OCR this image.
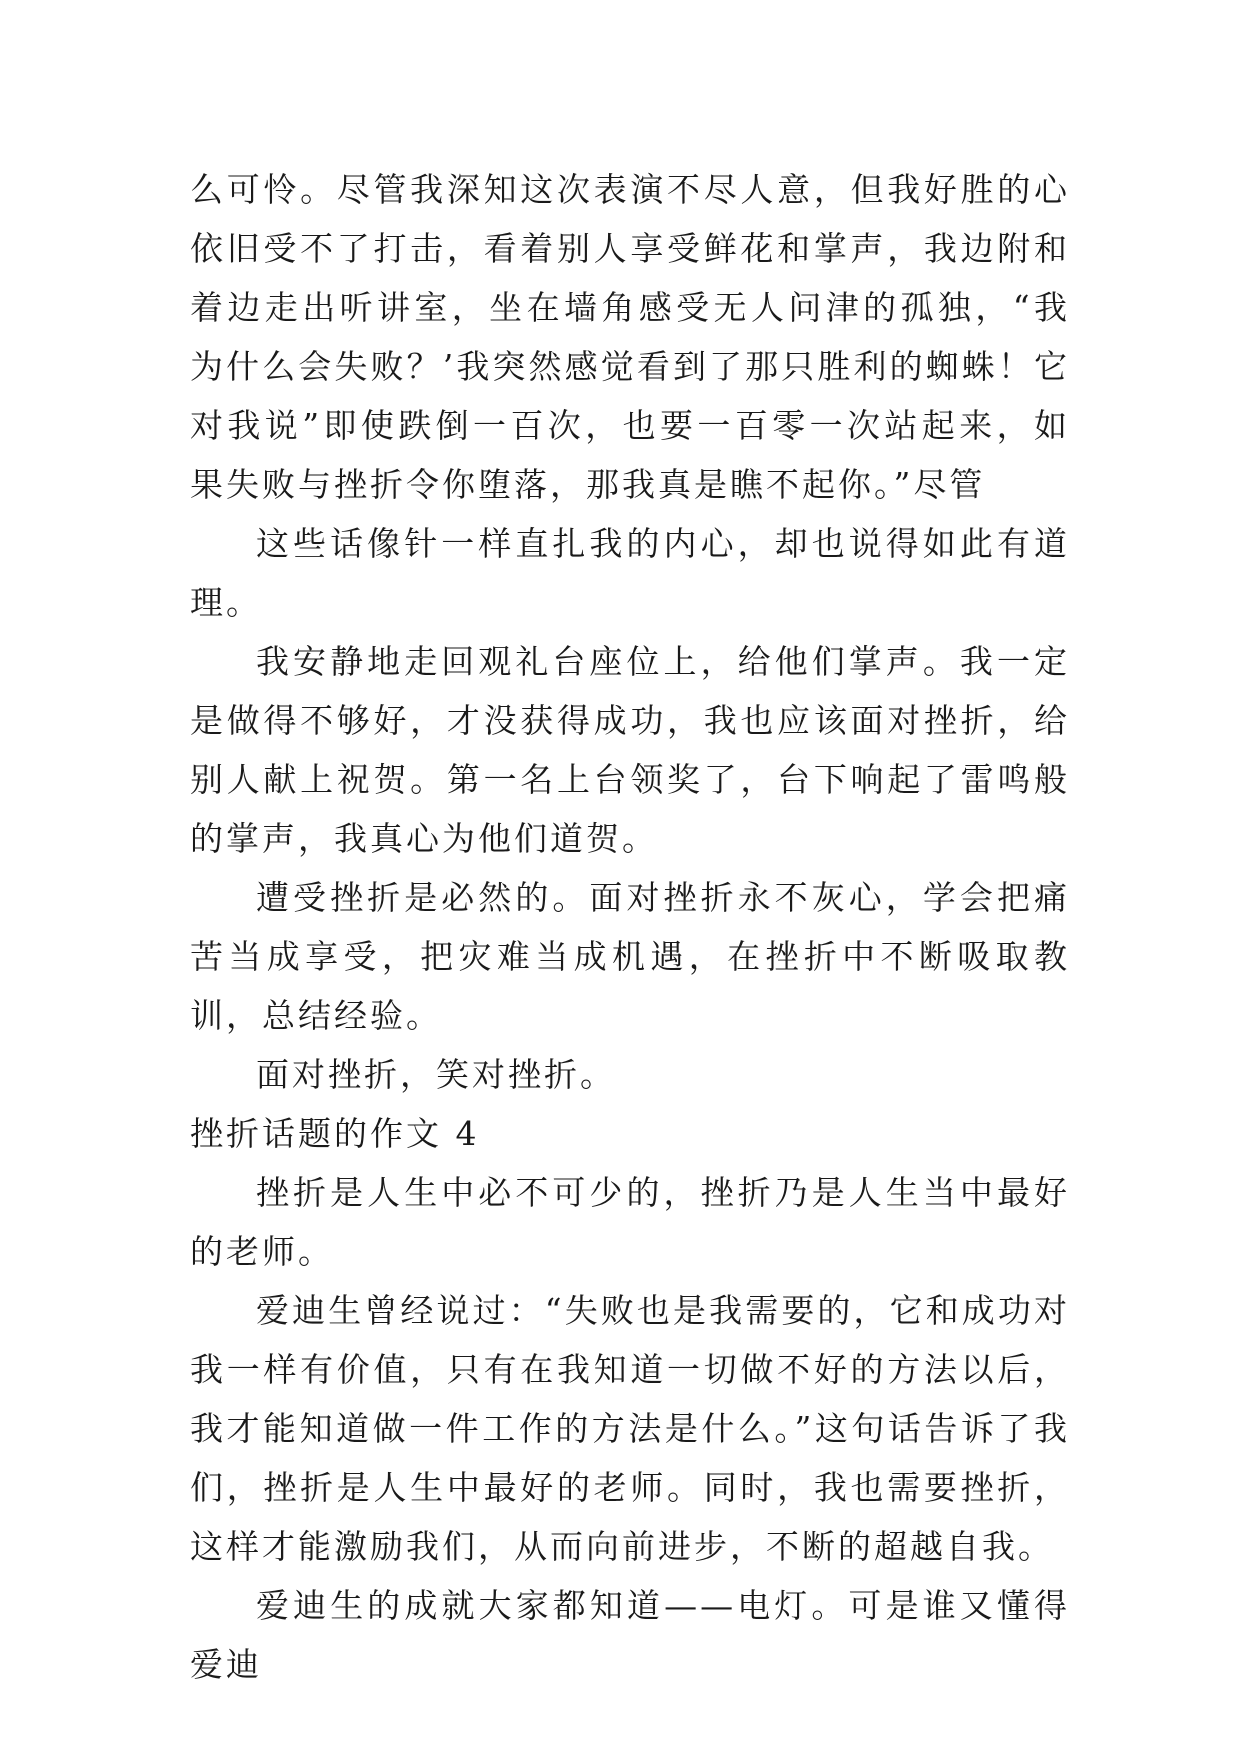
么可怜。尽管我深知这次表演不尽人意，但我好胜的心依旧受不了打击，看着别人享受鲜花和掌声，我边附和着边走出听讲室，坐在墙角感受无人问津的孤独，“我为什么会失败？’我突然感觉看到了那只胜利的蜘蛛！它对我说”即使跌倒一百次，也要一百零一次站起来，如果失败与挫折令你堕落，那我真是瞧不起你。”尽管

这些话像针一样直扎我的内心，却也说得如此有道理。

我安静地走回观礼台座位上，给他们掌声。我一定是做得不够好，才没获得成功，我也应该面对挫折，给别人献上祝贺。第一名上台领奖了，台下响起了雷鸣般的掌声，我真心为他们道贺。

遭受挫折是必然的。面对挫折永不灰心，学会把痛苦当成享受，把灾难当成机遇，在挫折中不断吸取教训，总结经验。

面对挫折，笑对挫折。

挫折话题的作文 4

挫折是人生中必不可少的，挫折乃是人生当中最好的老师。

爱迪生曾经说过：“失败也是我需要的，它和成功对我一样有价值，只有在我知道一切做不好的方法以后，我才能知道做一件工作的方法是什么。”这句话告诉了我们，挫折是人生中最好的老师。同时，我也需要挫折，这样才能激励我们，从而向前进步，不断的超越自我。

爱迪生的成就大家都知道——电灯。可是谁又懂得爱迪
